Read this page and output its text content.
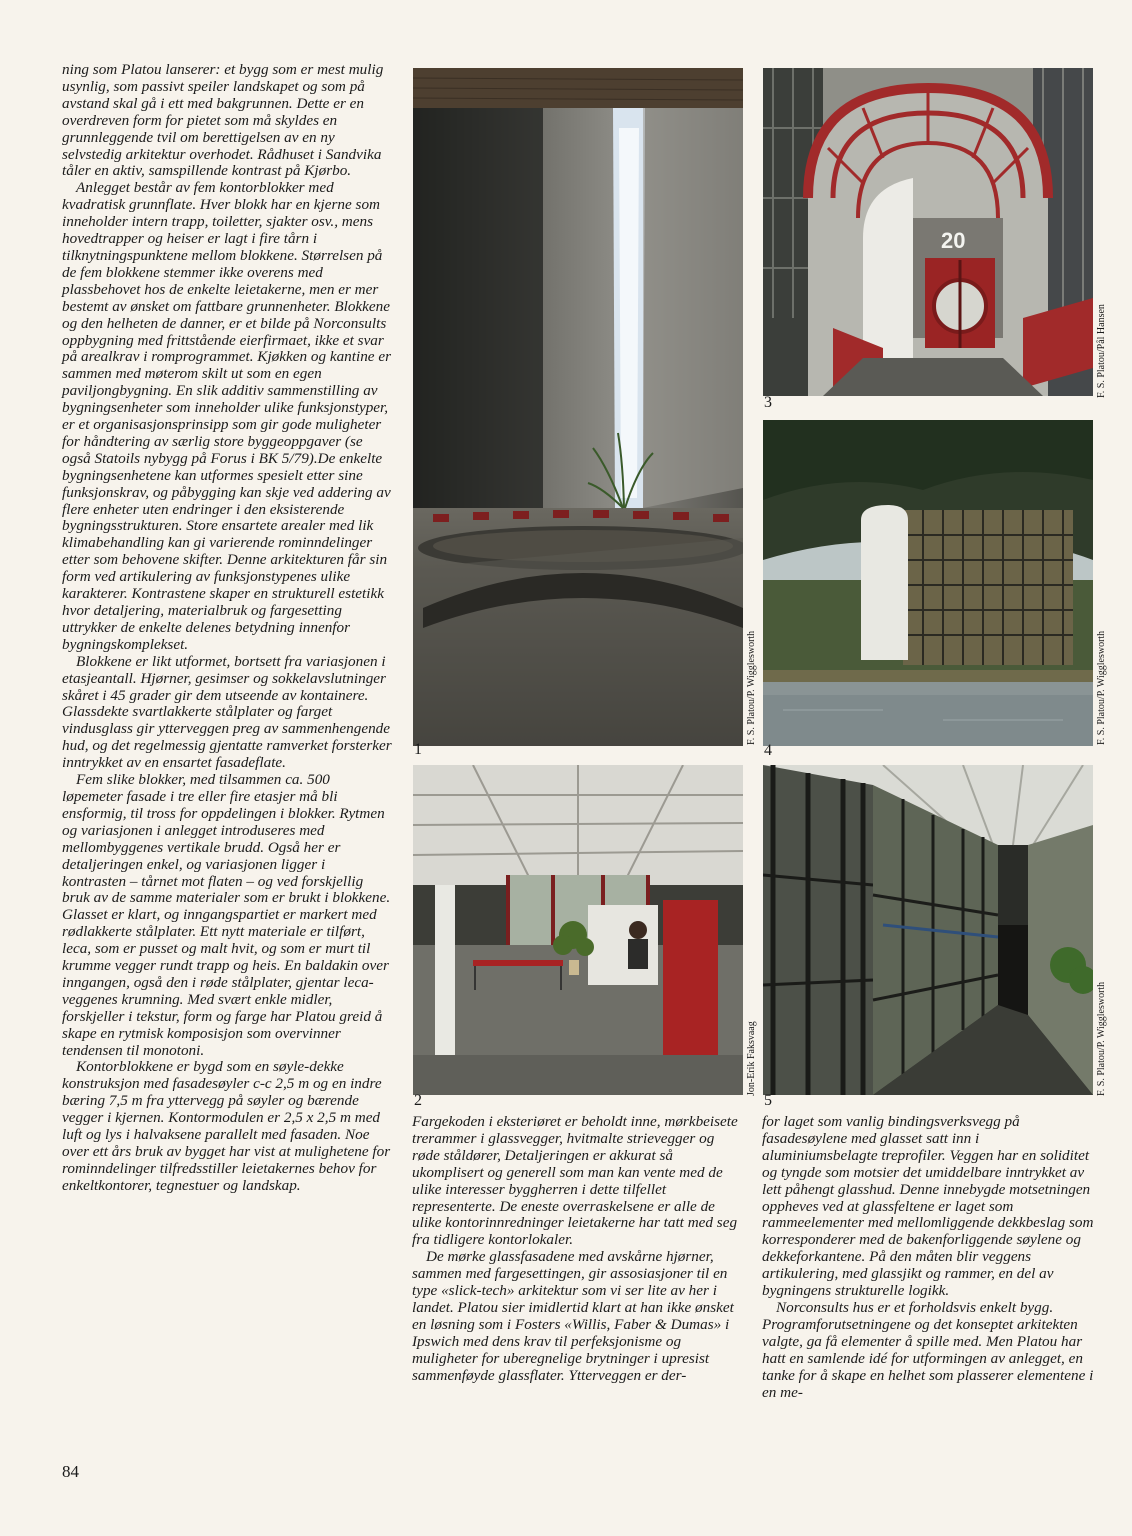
ning som Platou lanserer: et bygg som er mest mulig usynlig, som passivt speiler landskapet og som på avstand skal gå i ett med bakgrunnen. Dette er en overdreven form for pietet som må skyldes en grunnleggende tvil om berettigelsen av en ny selvstedig arkitektur overhodet. Rådhuset i Sandvika tåler en aktiv, samspillende kontrast på Kjørbo.

Anlegget består av fem kontorblokker med kvadratisk grunnflate. Hver blokk har en kjerne som inneholder intern trapp, toiletter, sjakter osv., mens hovedtrapper og heiser er lagt i fire tårn i tilknytningspunktene mellom blokkene. Størrelsen på de fem blokkene stemmer ikke overens med plassbehovet hos de enkelte leietakerne, men er mer bestemt av ønsket om fattbare grunnenheter. Blokkene og den helheten de danner, er et bilde på Norconsults oppbygning med frittstående eierfirmaet, ikke et svar på arealkrav i romprogrammet. Kjøkken og kantine er sammen med møterom skilt ut som en egen paviljongbygning. En slik additiv sammenstilling av bygningsenheter som inneholder ulike funksjonstyper, er et organisasjonsprinsipp som gir gode muligheter for håndtering av særlig store byggeoppgaver (se også Statoils nybygg på Forus i BK 5/79).De enkelte bygningsenhetene kan utformes spesielt etter sine funksjonskrav, og påbygging kan skje ved addering av flere enheter uten endringer i den eksisterende bygningsstrukturen. Store ensartete arealer med lik klimabehandling kan gi varierende rominndelinger etter som behovene skifter. Denne arkitekturen får sin form ved artikulering av funksjonstypenes ulike karakterer. Kontrastene skaper en strukturell estetikk hvor detaljering, materialbruk og fargesetting uttrykker de enkelte delenes betydning innenfor bygningskomplekset.

Blokkene er likt utformet, bortsett fra variasjonen i etasjeantall. Hjørner, gesimser og sokkelavslutninger skåret i 45 grader gir dem utseende av kontainere. Glassdekte svartlakkerte stålplater og farget vindusglass gir ytterveggen preg av sammenhengende hud, og det regelmessig gjentatte ramverket forsterker inntrykket av en ensartet fasadeflate.

Fem slike blokker, med tilsammen ca. 500 løpemeter fasade i tre eller fire etasjer må bli ensformig, til tross for oppdelingen i blokker. Rytmen og variasjonen i anlegget introduseres med mellombyggenes vertikale brudd. Også her er detaljeringen enkel, og variasjonen ligger i kontrasten – tårnet mot flaten – og ved forskjellig bruk av de samme materialer som er brukt i blokkene. Glasset er klart, og inngangspartiet er markert med rødlakkerte stålplater. Ett nytt materiale er tilført, leca, som er pusset og malt hvit, og som er murt til krumme vegger rundt trapp og heis. En baldakin over inngangen, også den i røde stålplater, gjentar leca-veggenes krumning. Med svært enkle midler, forskjeller i tekstur, form og farge har Platou greid å skape en rytmisk komposisjon som overvinner tendensen til monotoni.

Kontorblokkene er bygd som en søyle-dekke konstruksjon med fasadesøyler c-c 2,5 m og en indre bæring 7,5 m fra yttervegg på søyler og bærende vegger i kjernen. Kontormodulen er 2,5 x 2,5 m med luft og lys i halvaksene parallelt med fasaden. Noe over ett års bruk av bygget har vist at mulighetene for rominndelinger tilfredsstiller leietakernes behov for enkeltkontorer, tegnestuer og landskap.

1
F. S. Platou/P. Wigglesworth
20
3
F. S. Platou/Pål Hansen
4
F. S. Platou/P. Wigglesworth
2
Jon-Erik Faksvaag
5
F. S. Platou/P. Wigglesworth

Fargekoden i eksteriøret er beholdt inne, mørkbeisete trerammer i glassvegger, hvitmalte strievegger og røde ståldører, Detaljeringen er akkurat så ukomplisert og generell som man kan vente med de ulike interesser byggherren i dette tilfellet representerte. De eneste overraskelsene er alle de ulike kontorinnredninger leietakerne har tatt med seg fra tidligere kontorlokaler.

De mørke glassfasadene med avskårne hjørner, sammen med fargesettingen, gir assosiasjoner til en type «slick-tech» arkitektur som vi ser lite av her i landet. Platou sier imidlertid klart at han ikke ønsket en løsning som i Fosters «Willis, Faber & Dumas» i Ipswich med dens krav til perfeksjonisme og muligheter for uberegnelige brytninger i upresist sammenføyde glassflater. Ytterveggen er der-

for laget som vanlig bindingsverksvegg på fasadesøylene med glasset satt inn i aluminiumsbelagte treprofiler. Veggen har en soliditet og tyngde som motsier det umiddelbare inntrykket av lett påhengt glasshud. Denne innebygde motsetningen oppheves ved at glassfeltene er laget som rammeelementer med mellomliggende dekkbeslag som korresponderer med de bakenforliggende søylene og dekkeforkantene. På den måten blir veggens artikulering, med glassjikt og rammer, en del av bygningens strukturelle logikk.

Norconsults hus er et forholdsvis enkelt bygg. Programforutsetningene og det konseptet arkitekten valgte, ga få elementer å spille med. Men Platou har hatt en samlende idé for utformingen av anlegget, en tanke for å skape en helhet som plasserer elementene i en me-

84
